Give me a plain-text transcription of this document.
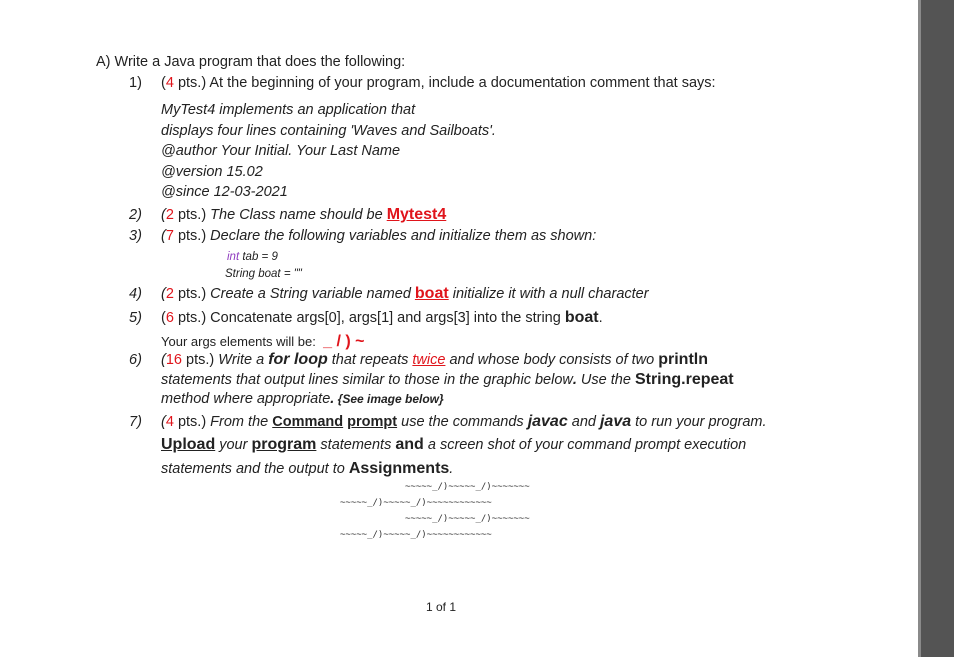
A) Write a Java program that does the following:
1) (4 pts.) At the beginning of your program, include a documentation comment that says:
MyTest4 implements an application that
displays four lines containing 'Waves and Sailboats'.
@author Your Initial. Your Last Name
@version 15.02
@since 12-03-2021
2) (2 pts.) The Class name should be Mytest4
3) (7 pts.) Declare the following variables and initialize them as shown:
int tab = 9
String boat = ""
4) (2 pts.) Create a String variable named boat initialize it with a null character
5) (6 pts.) Concatenate args[0], args[1] and args[3] into the string boat.
Your args elements will be: _ / ) ~
6) (16 pts.) Write a for loop that repeats twice and whose body consists of two println
statements that output lines similar to those in the graphic below. Use the String.repeat
method where appropriate. {See image below}
7) (4 pts.) From the Command prompt use the commands javac and java to run your program.
Upload your program statements and a screen shot of your command prompt execution
statements and the output to Assignments.
~~~~~_/)~~~~~_/)~~~~~~~
~~~~~_/)~~~~~_/)~~~~~~~~~~~~
~~~~~_/)~~~~~_/)~~~~~~~
~~~~~_/)~~~~~_/)~~~~~~~~~~~~
1 of 1
